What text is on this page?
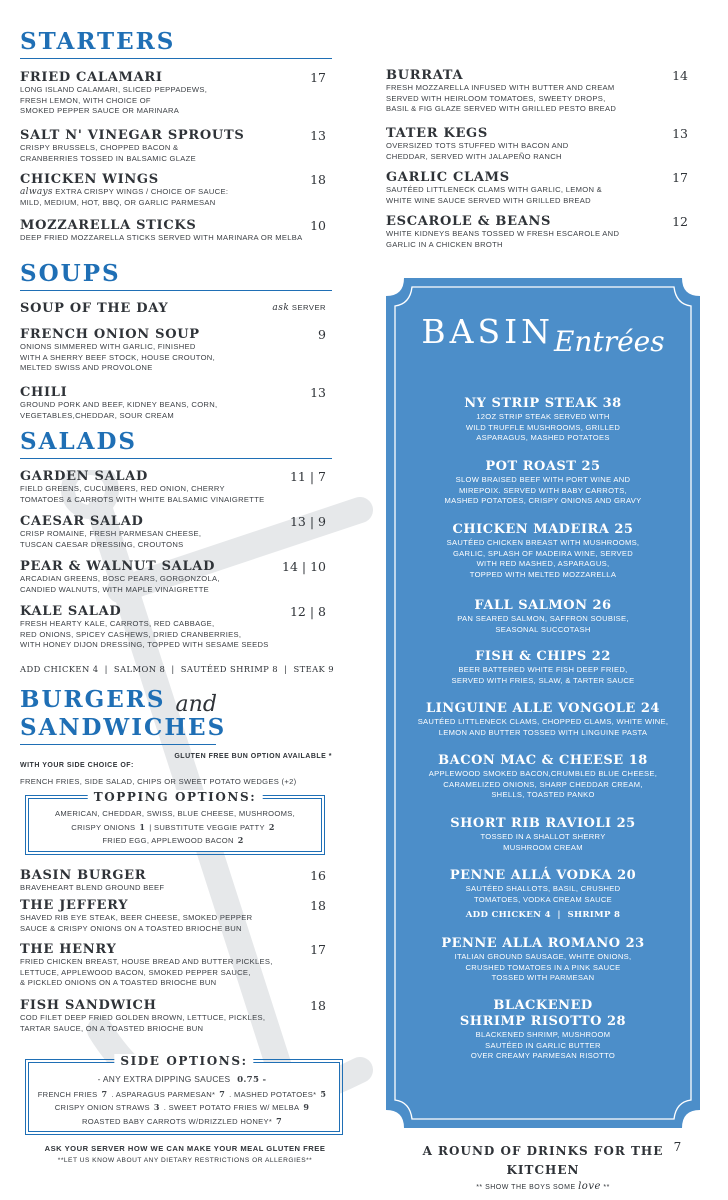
STARTERS
FRIED CALAMARI	17
LONG ISLAND CALAMARI, SLICED PEPPADEWS,
FRESH LEMON, WITH CHOICE OF
SMOKED PEPPER SAUCE OR MARINARA
SALT N' VINEGAR SPROUTS	13
CRISPY BRUSSELS, CHOPPED BACON &
CRANBERRIES TOSSED IN BALSAMIC GLAZE
CHICKEN WINGS	18
always EXTRA CRISPY WINGS / CHOICE OF SAUCE:
MILD, MEDIUM, HOT, BBQ, OR GARLIC PARMESAN
MOZZARELLA STICKS	10
DEEP FRIED MOZZARELLA STICKS SERVED WITH MARINARA OR MELBA
SOUPS
SOUP OF THE DAY	ask SERVER
FRENCH ONION SOUP	9
ONIONS SIMMERED WITH GARLIC, FINISHED
WITH A SHERRY BEEF STOCK, HOUSE CROUTON,
MELTED SWISS AND PROVOLONE
CHILI	13
GROUND PORK AND BEEF, KIDNEY BEANS, CORN,
VEGETABLES,CHEDDAR, SOUR CREAM
SALADS
GARDEN SALAD	11 | 7
FIELD GREENS, CUCUMBERS, RED ONION, CHERRY
TOMATOES & CARROTS WITH WHITE BALSAMIC VINAIGRETTE
CAESAR SALAD	13 | 9
CRISP ROMAINE, FRESH PARMESAN CHEESE,
TUSCAN CAESAR DRESSING, CROUTONS
PEAR & WALNUT SALAD	14 | 10
ARCADIAN GREENS, BOSC PEARS, GORGONZOLA,
CANDIED WALNUTS, WITH MAPLE VINAIGRETTE
KALE SALAD	12 | 8
FRESH HEARTY KALE, CARROTS, RED CABBAGE,
RED ONIONS, SPICEY CASHEWS, DRIED CRANBERRIES,
WITH HONEY DIJON DRESSING, TOPPED WITH SESAME SEEDS
ADD CHICKEN 4  |  SALMON 8  |  SAUTÉED SHRIMP 8  |  STEAK 9
BURGERS and
SANDWICHES
GLUTEN FREE BUN OPTION AVAILABLE *
WITH YOUR SIDE CHOICE OF:
FRENCH FRIES, SIDE SALAD, CHIPS OR SWEET POTATO WEDGES (+2)
TOPPING OPTIONS:
AMERICAN, CHEDDAR, SWISS, BLUE CHEESE, MUSHROOMS,
CRISPY ONIONS 1 | SUBSTITUTE VEGGIE PATTY 2
FRIED EGG, APPLEWOOD BACON 2
BASIN BURGER	16
BRAVEHEART BLEND GROUND BEEF
THE JEFFERY	18
SHAVED RIB EYE STEAK, BEER CHEESE, SMOKED PEPPER
SAUCE & CRISPY ONIONS ON A TOASTED BRIOCHE BUN
THE HENRY	17
FRIED CHICKEN BREAST, HOUSE BREAD AND BUTTER PICKLES,
LETTUCE, APPLEWOOD BACON, SMOKED PEPPER SAUCE,
& PICKLED ONIONS ON A TOASTED BRIOCHE BUN
FISH SANDWICH	18
COD FILET DEEP FRIED GOLDEN BROWN, LETTUCE, PICKLES,
TARTAR SAUCE, ON A TOASTED BRIOCHE BUN
SIDE OPTIONS:
- ANY EXTRA DIPPING SAUCES 0.75 -
FRENCH FRIES 7 . ASPARAGUS PARMESAN* 7 . MASHED POTATOES* 5
CRISPY ONION STRAWS 3 . SWEET POTATO FRIES W/ MELBA 9
ROASTED BABY CARROTS W/DRIZZLED HONEY* 7
ASK YOUR SERVER HOW WE CAN MAKE YOUR MEAL GLUTEN FREE
**LET US KNOW ABOUT ANY DIETARY RESTRICTIONS OR ALLERGIES**
BURRATA	14
FRESH MOZZARELLA INFUSED WITH BUTTER AND CREAM
SERVED WITH HEIRLOOM TOMATOES, SWEETY DROPS,
BASIL & FIG GLAZE SERVED WITH GRILLED PESTO BREAD
TATER KEGS	13
OVERSIZED TOTS STUFFED WITH BACON AND
CHEDDAR, SERVED WITH JALAPEÑO RANCH
GARLIC CLAMS	17
SAUTÉED LITTLENECK CLAMS WITH GARLIC, LEMON &
WHITE WINE SAUCE SERVED WITH GRILLED BREAD
ESCAROLE & BEANS	12
WHITE KIDNEYS BEANS TOSSED W FRESH ESCAROLE AND
GARLIC IN A CHICKEN BROTH
BASINEntrées
NY STRIP STEAK 38
12OZ STRIP STEAK SERVED WITH
WILD TRUFFLE MUSHROOMS, GRILLED
ASPARAGUS, MASHED POTATOES
POT ROAST 25
SLOW BRAISED BEEF WITH PORT WINE AND
MIREPOIX. SERVED WITH BABY CARROTS,
MASHED POTATOES, CRISPY ONIONS AND GRAVY
CHICKEN MADEIRA 25
SAUTÉED CHICKEN BREAST WITH MUSHROOMS,
GARLIC, SPLASH OF MADEIRA WINE, SERVED
WITH RED MASHED, ASPARAGUS,
TOPPED WITH MELTED MOZZARELLA
FALL SALMON 26
PAN SEARED SALMON, SAFFRON SOUBISE,
SEASONAL SUCCOTASH
FISH & CHIPS 22
BEER BATTERED WHITE FISH DEEP FRIED,
SERVED WITH FRIES, SLAW, & TARTER SAUCE
LINGUINE ALLE VONGOLE 24
SAUTÉED LITTLENECK CLAMS, CHOPPED CLAMS, WHITE WINE,
LEMON AND BUTTER TOSSED WITH LINGUINE PASTA
BACON MAC & CHEESE 18
APPLEWOOD SMOKED BACON,CRUMBLED BLUE CHEESE,
CARAMELIZED ONIONS, SHARP CHEDDAR CREAM,
SHELLS, TOASTED PANKO
SHORT RIB RAVIOLI 25
TOSSED IN A SHALLOT SHERRY
MUSHROOM CREAM
PENNE ALLÁ VODKA 20
SAUTÉED SHALLOTS, BASIL, CRUSHED
TOMATOES, VODKA CREAM SAUCE
ADD CHICKEN 4  |  SHRIMP 8
PENNE ALLA ROMANO 23
ITALIAN GROUND SAUSAGE, WHITE ONIONS,
CRUSHED TOMATOES IN A PINK SAUCE
TOSSED WITH PARMESAN
BLACKENED
SHRIMP RISOTTO 28
BLACKENED SHRIMP, MUSHROOM
SAUTÉED IN GARLIC BUTTER
OVER CREAMY PARMESAN RISOTTO
A ROUND OF DRINKS FOR THE KITCHEN
7
** SHOW THE BOYS SOME love **
